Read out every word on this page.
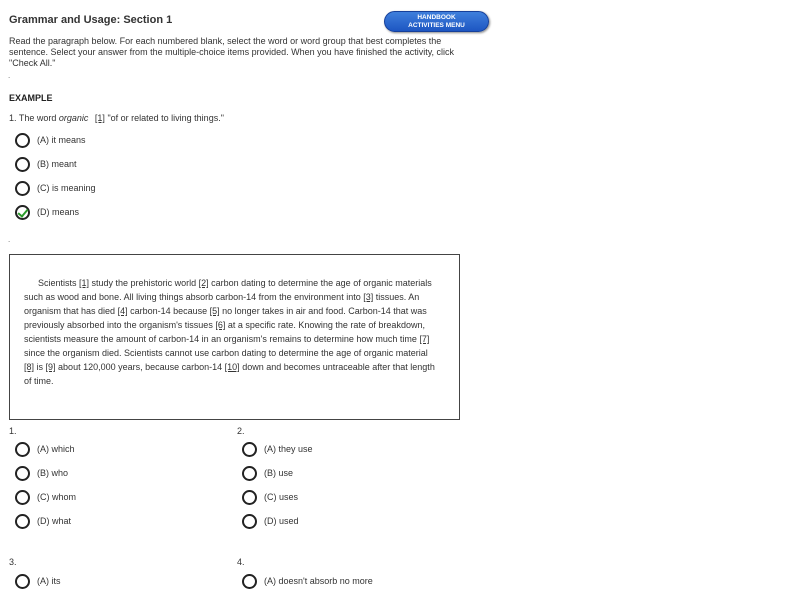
Grammar and Usage: Section 1	HANDBOOK
ACTIVITIES MENU
Read the paragraph below. For each numbered blank, select the word or word group that best completes the sentence. Select your answer from the multiple-choice items provided. When you have finished the activity, click "Check All."
.
EXAMPLE
1. The word organic [1] "of or related to living things."
(A) it means
(B) meant
(C) is meaning
(D) means
.
Scientists [1] study the prehistoric world [2] carbon dating to determine the age of organic materials such as wood and bone. All living things absorb carbon-14 from the environment into [3] tissues. An organism that has died [4] carbon-14 because [5] no longer takes in air and food. Carbon-14 that was previously absorbed into the organism's tissues [6] at a specific rate. Knowing the rate of breakdown, scientists measure the amount of carbon-14 in an organism's remains to determine how much time [7] since the organism died. Scientists cannot use carbon dating to determine the age of organic material [8] is [9] about 120,000 years, because carbon-14 [10] down and becomes untraceable after that length of time.
1.
(A) which
(B) who
(C) whom
(D) what
2.
(A) they use
(B) use
(C) uses
(D) used
3.
(A) its
4.
(A) doesn't absorb no more
